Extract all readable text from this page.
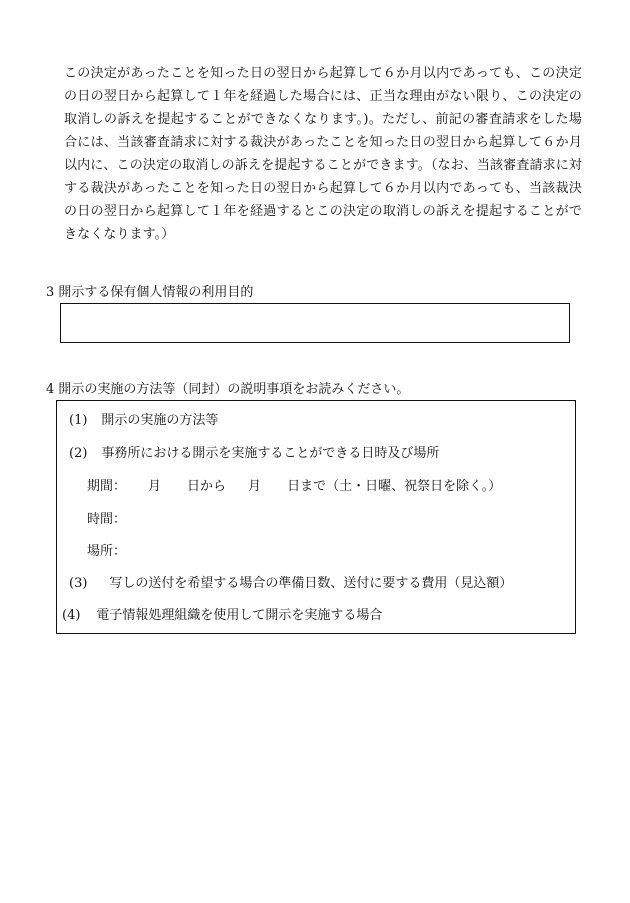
この決定があったことを知った日の翌日から起算して６か月以内であっても、この決定の日の翌日から起算して１年を経過した場合には、正当な理由がない限り、この決定の取消しの訴えを提起することができなくなります。)。ただし、前記の審査請求をした場合には、当該審査請求に対する裁決があったことを知った日の翌日から起算して６か月以内に、この決定の取消しの訴えを提起することができます。（なお、当該審査請求に対する裁決があったことを知った日の翌日から起算して６か月以内であっても、当該裁決の日の翌日から起算して１年を経過するとこの決定の取消しの訴えを提起することができなくなります。）

3 開示する保有個人情報の利用目的
4 開示の実施の方法等（同封）の説明事項をお読みください。
(1) 開示の実施の方法等
(2) 事務所における開示を実施することができる日時及び場所
期間： 月 日から 月 日まで（土・日曜、祝祭日を除く。）
時間：
場所：
(3) 写しの送付を希望する場合の準備日数、送付に要する費用（見込額）
(4) 電子情報処理組織を使用して開示を実施する場合
